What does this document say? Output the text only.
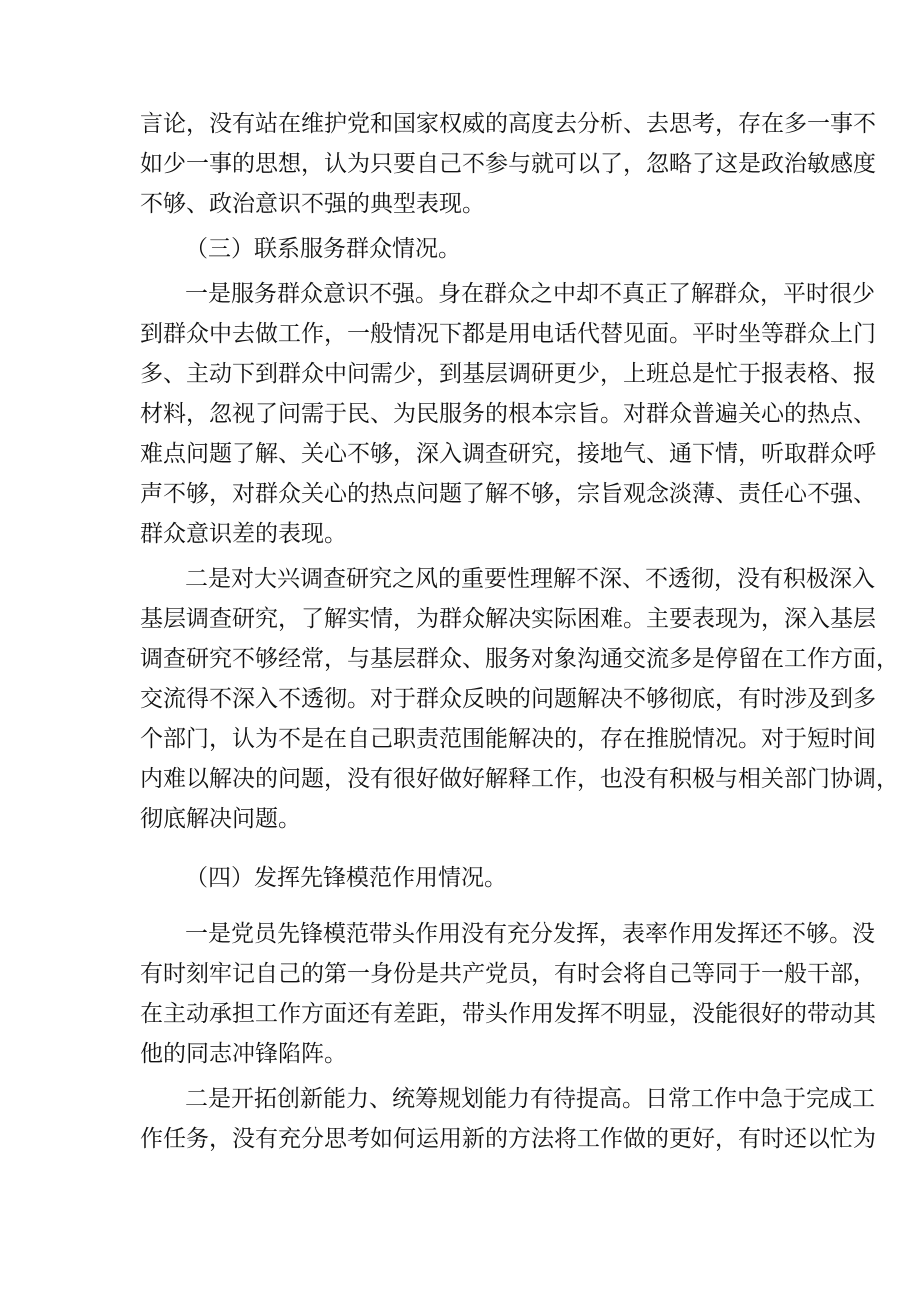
言论，没有站在维护党和国家权威的高度去分析、去思考，存在多一事不
如少一事的思想，认为只要自己不参与就可以了，忽略了这是政治敏感度
不够、政治意识不强的典型表现。
（三）联系服务群众情况。
一是服务群众意识不强。身在群众之中却不真正了解群众，平时很少
到群众中去做工作，一般情况下都是用电话代替见面。平时坐等群众上门
多、主动下到群众中问需少，到基层调研更少，上班总是忙于报表格、报
材料，忽视了问需于民、为民服务的根本宗旨。对群众普遍关心的热点、
难点问题了解、关心不够，深入调查研究，接地气、通下情，听取群众呼
声不够，对群众关心的热点问题了解不够，宗旨观念淡薄、责任心不强、
群众意识差的表现。
二是对大兴调查研究之风的重要性理解不深、不透彻，没有积极深入
基层调查研究，了解实情，为群众解决实际困难。主要表现为，深入基层
调查研究不够经常，与基层群众、服务对象沟通交流多是停留在工作方面，
交流得不深入不透彻。对于群众反映的问题解决不够彻底，有时涉及到多
个部门，认为不是在自己职责范围能解决的，存在推脱情况。对于短时间
内难以解决的问题，没有很好做好解释工作，也没有积极与相关部门协调，
彻底解决问题。
（四）发挥先锋模范作用情况。
一是党员先锋模范带头作用没有充分发挥，表率作用发挥还不够。没
有时刻牢记自己的第一身份是共产党员，有时会将自己等同于一般干部，
在主动承担工作方面还有差距，带头作用发挥不明显，没能很好的带动其
他的同志冲锋陷阵。
二是开拓创新能力、统筹规划能力有待提高。日常工作中急于完成工
作任务，没有充分思考如何运用新的方法将工作做的更好，有时还以忙为
